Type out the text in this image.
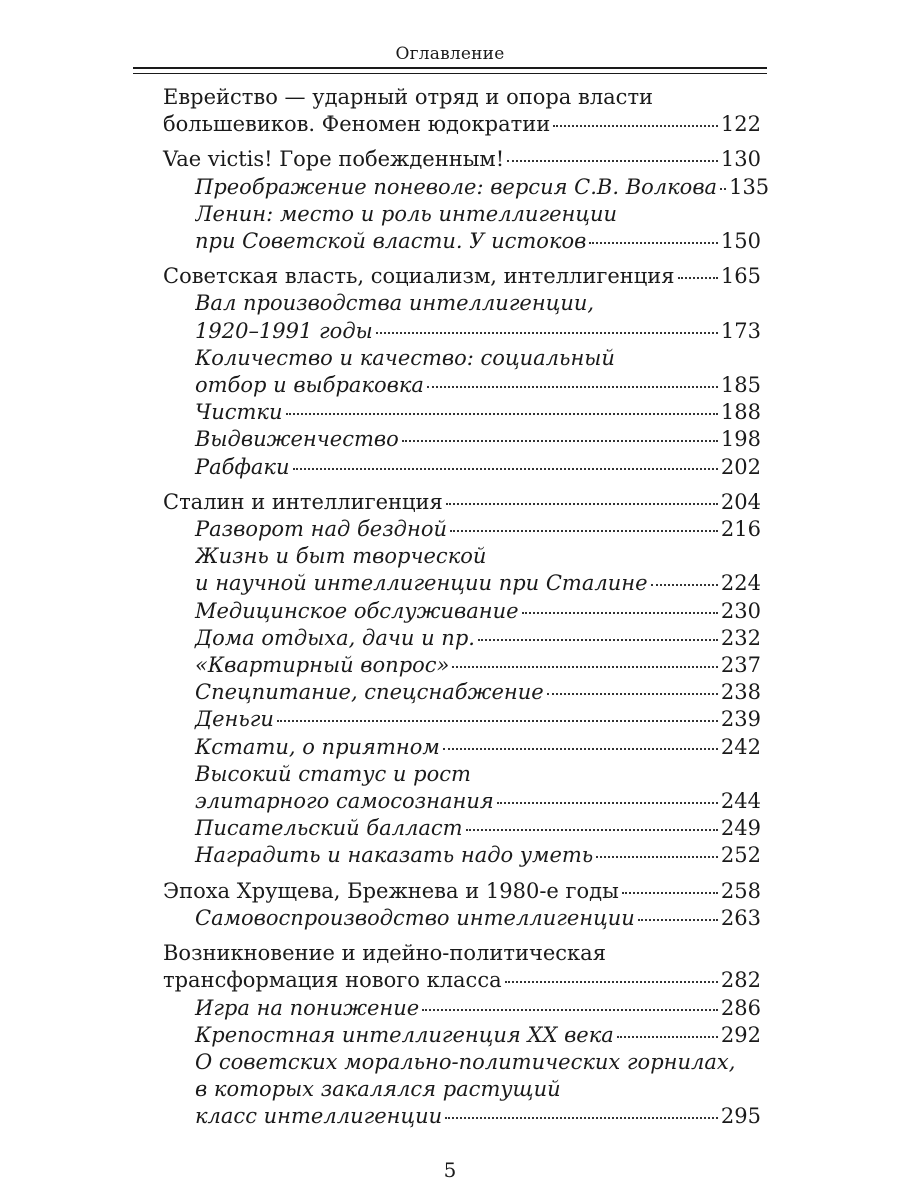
Оглавление
Еврейство — ударный отряд и опора власти
большевиков. Феномен юдократии	122
Vae victis! Горе побежденным!	130
Преображение поневоле: версия С.В. Волкова 135
Ленин: место и роль интеллигенции
при Советской власти. У истоков	150
Советская власть, социализм, интеллигенция 165
Вал производства интеллигенции,
1920–1991 годы	173
Количество и качество: социальный
отбор и выбраковка	185
Чистки	188
Выдвиженчество	198
Рабфаки	202
Сталин и интеллигенция	204
Разворот над бездной	216
Жизнь и быт творческой
и научной интеллигенции при Сталине	224
Медицинское обслуживание	230
Дома отдыха, дачи и пр.	232
«Квартирный вопрос»	237
Спецпитание, спецснабжение	238
Деньги	239
Кстати, о приятном	242
Высокий статус и рост
элитарного самосознания	244
Писательский балласт	249
Наградить и наказать надо уметь	252
Эпоха Хрущева, Брежнева и 1980-е годы	258
Самовоспроизводство интеллигенции	263
Возникновение и идейно-политическая
трансформация нового класса	282
Игра на понижение	286
Крепостная интеллигенция XX века	292
О советских морально-политических горнилах,
в которых закалялся растущий
класс интеллигенции	295
5
